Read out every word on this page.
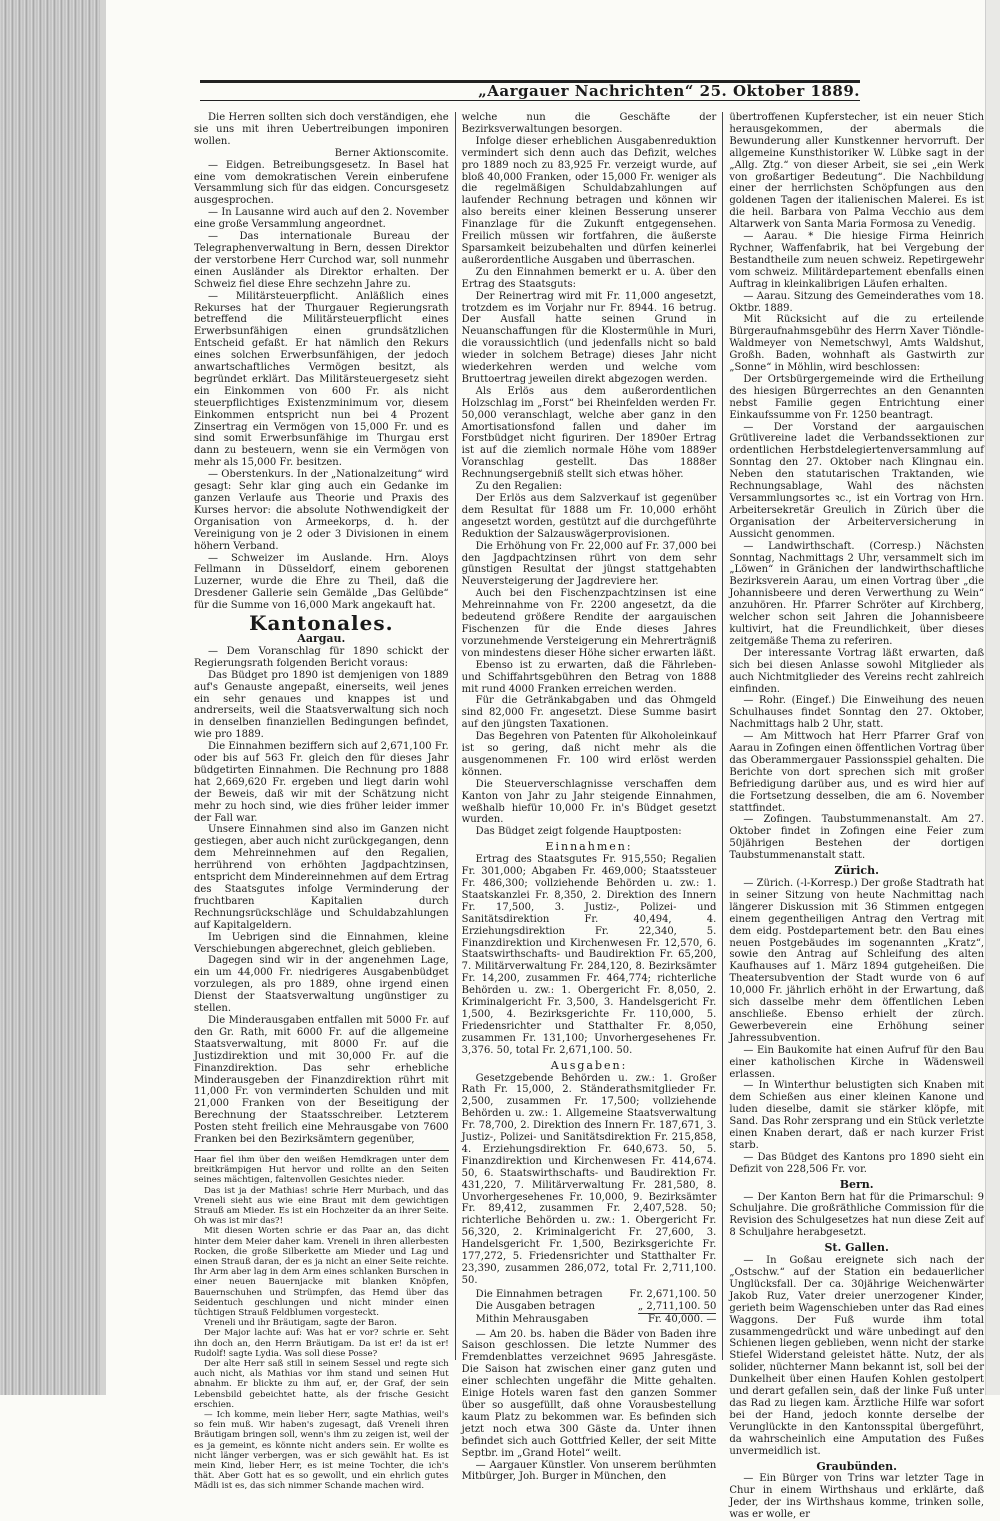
„Aargauer Nachrichten“ 25. Oktober 1889.

Die Herren sollten sich doch verständigen, ehe sie uns mit ihren Uebertreibungen imponiren wollen.

Berner Aktionscomite.

— Eidgen. Betreibungsgesetz. In Basel hat eine vom demokratischen Verein einberufene Versammlung sich für das eidgen. Concursgesetz ausgesprochen.

— In Lausanne wird auch auf den 2. November eine große Versammlung angeordnet.

— Das internationale Bureau der Telegraphenverwaltung in Bern, dessen Direktor der verstorbene Herr Curchod war, soll nunmehr einen Ausländer als Direktor erhalten. Der Schweiz fiel diese Ehre sechzehn Jahre zu.

— Militärsteuerpflicht. Anläßlich eines Rekurses hat der Thurgauer Regierungsrath betreffend die Militärsteuerpflicht eines Erwerbsunfähigen einen grundsätzlichen Entscheid gefaßt. Er hat nämlich den Rekurs eines solchen Erwerbsunfähigen, der jedoch anwartschaftliches Vermögen besitzt, als begründet erklärt. Das Militärsteuergesetz sieht ein Einkommen von 600 Fr. als nicht steuerpflichtiges Existenzminimum vor, diesem Einkommen entspricht nun bei 4 Prozent Zinsertrag ein Vermögen von 15,000 Fr. und es sind somit Erwerbsunfähige im Thurgau erst dann zu besteuern, wenn sie ein Vermögen von mehr als 15,000 Fr. besitzen.

— Oberstenkurs. In der „Nationalzeitung“ wird gesagt: Sehr klar ging auch ein Gedanke im ganzen Verlaufe aus Theorie und Praxis des Kurses hervor: die absolute Nothwendigkeit der Organisation von Armeekorps, d. h. der Vereinigung von je 2 oder 3 Divisionen in einem höhern Verband.

— Schweizer im Auslande. Hrn. Aloys Fellmann in Düsseldorf, einem geborenen Luzerner, wurde die Ehre zu Theil, daß die Dresdener Gallerie sein Gemälde „Das Gelübde“ für die Summe von 16,000 Mark angekauft hat.

Kantonales.
Aargau.

— Dem Voranschlag für 1890 schickt der Regierungsrath folgenden Bericht voraus:

Das Büdget pro 1890 ist demjenigen von 1889 auf's Genauste angepaßt, einerseits, weil jenes ein sehr genaues und knappes ist und andrerseits, weil die Staatsverwaltung sich noch in denselben finanziellen Bedingungen befindet, wie pro 1889.

Die Einnahmen beziffern sich auf 2,671,100 Fr. oder bis auf 563 Fr. gleich den für dieses Jahr büdgetirten Einnahmen. Die Rechnung pro 1888 hat 2,669,620 Fr. ergeben und liegt darin wohl der Beweis, daß wir mit der Schätzung nicht mehr zu hoch sind, wie dies früher leider immer der Fall war.

Unsere Einnahmen sind also im Ganzen nicht gestiegen, aber auch nicht zurückgegangen, denn dem Mehreinnehmen auf den Regalien, herrührend von erhöhten Jagdpachtzinsen, entspricht dem Mindereinnehmen auf dem Ertrag des Staatsgutes infolge Verminderung der fruchtbaren Kapitalien durch Rechnungsrückschläge und Schuldabzahlungen auf Kapitalgeldern.

Im Uebrigen sind die Einnahmen, kleine Verschiebungen abgerechnet, gleich geblieben.

Dagegen sind wir in der angenehmen Lage, ein um 44,000 Fr. niedrigeres Ausgabenbüdget vorzulegen, als pro 1889, ohne irgend einen Dienst der Staatsverwaltung ungünstiger zu stellen.

Die Minderausgaben entfallen mit 5000 Fr. auf den Gr. Rath, mit 6000 Fr. auf die allgemeine Staatsverwaltung, mit 8000 Fr. auf die Justizdirektion und mit 30,000 Fr. auf die Finanzdirektion. Das sehr erhebliche Minderausgeben der Finanzdirektion rührt mit 11,000 Fr. von verminderten Schulden und mit 21,000 Franken von der Beseitigung der Berechnung der Staatsschreiber. Letzterem Posten steht freilich eine Mehrausgabe von 7600 Franken bei den Bezirksämtern gegenüber,

Haar fiel ihm über den weißen Hemdkragen unter dem breitkrämpigen Hut hervor und rollte an den Seiten seines mächtigen, faltenvollen Gesichtes nieder.

Das ist ja der Mathias! schrie Herr Murbach, und das Vreneli sieht aus wie eine Braut mit dem gewichtigen Strauß am Mieder. Es ist ein Hochzeiter da an ihrer Seite. Oh was ist mir das?!

Mit diesen Worten schrie er das Paar an, das dicht hinter dem Meier daher kam. Vreneli in ihren allerbesten Rocken, die große Silberkette am Mieder und Lag und einen Strauß daran, der es ja nicht an einer Seite reichte. Ihr Arm aber lag in dem Arm eines schlanken Burschen in einer neuen Bauernjacke mit blanken Knöpfen, Bauernschuhen und Strümpfen, das Hemd über das Seidentuch geschlungen und nicht minder einen tüchtigen Strauß Feldblumen vorgesteckt.

Vreneli und ihr Bräutigam, sagte der Baron.

Der Major lachte auf: Was hat er vor? schrie er. Seht ihn doch an, den Herrn Bräutigam. Da ist er! da ist er! Rudolf! sagte Lydia. Was soll diese Posse?

Der alte Herr saß still in seinem Sessel und regte sich auch nicht, als Mathias vor ihm stand und seinen Hut abnahm. Er blickte zu ihm auf, er, der Graf, der sein Lebensbild gebeichtet hatte, als der frische Gesicht erschien.

— Ich komme, mein lieber Herr, sagte Mathias, weil's so fein muß. Wir haben's zugesagt, daß Vreneli ihren Bräutigam bringen soll, wenn's ihm zu zeigen ist, weil der es ja gemeint, es könnte nicht anders sein. Er wollte es nicht länger verbergen, was er sich gewählt hat. Es ist mein Kind, lieber Herr, es ist meine Tochter, die ich's thät. Aber Gott hat es so gewollt, und ein ehrlich gutes Mädli ist es, das sich nimmer Schande machen wird.

welche nun die Geschäfte der Bezirksverwaltungen besorgen.

Infolge dieser erheblichen Ausgabenreduktion vermindert sich denn auch das Defizit, welches pro 1889 noch zu 83,925 Fr. verzeigt wurde, auf bloß 40,000 Franken, oder 15,000 Fr. weniger als die regelmäßigen Schuldabzahlungen auf laufender Rechnung betragen und können wir also bereits einer kleinen Besserung unserer Finanzlage für die Zukunft entgegensehen. Freilich müssen wir fortfahren, die äußerste Sparsamkeit beizubehalten und dürfen keinerlei außerordentliche Ausgaben und überraschen.

Zu den Einnahmen bemerkt er u. A. über den Ertrag des Staatsguts:

Der Reinertrag wird mit Fr. 11,000 angesetzt, trotzdem es im Vorjahr nur Fr. 8944. 16 betrug. Der Ausfall hatte seinen Grund in Neuanschaffungen für die Klostermühle in Muri, die voraussichtlich (und jedenfalls nicht so bald wieder in solchem Betrage) dieses Jahr nicht wiederkehren werden und welche vom Bruttoertrag jeweilen direkt abgezogen werden.

Als Erlös aus dem außerordentlichen Holzschlag im „Forst“ bei Rheinfelden werden Fr. 50,000 veranschlagt, welche aber ganz in den Amortisationsfond fallen und daher im Forstbüdget nicht figuriren. Der 1890er Ertrag ist auf die ziemlich normale Höhe vom 1889er Voranschlag gestellt. Das 1888er Rechnungsergebniß stellt sich etwas höher.

Zu den Regalien:

Der Erlös aus dem Salzverkauf ist gegenüber dem Resultat für 1888 um Fr. 10,000 erhöht angesetzt worden, gestützt auf die durchgeführte Reduktion der Salzauswägerprovisionen.

Die Erhöhung von Fr. 22,000 auf Fr. 37,000 bei den Jagdpachtzinsen rührt von dem sehr günstigen Resultat der jüngst stattgehabten Neuversteigerung der Jagdreviere her.

Auch bei den Fischenzpachtzinsen ist eine Mehreinnahme von Fr. 2200 angesetzt, da die bedeutend größere Rendite der aargauischen Fischenzen für die Ende dieses Jahres vorzunehmende Versteigerung ein Mehrerträgniß von mindestens dieser Höhe sicher erwarten läßt.

Ebenso ist zu erwarten, daß die Fährleben- und Schiffahrtsgebühren den Betrag von 1888 mit rund 4000 Franken erreichen werden.

Für die Getränkabgaben und das Ohmgeld sind 82,000 Fr. angesetzt. Diese Summe basirt auf den jüngsten Taxationen.

Das Begehren von Patenten für Alkoholeinkauf ist so gering, daß nicht mehr als die ausgenommenen Fr. 100 wird erlöst werden können.

Die Steuerverschlagnisse verschaffen dem Kanton von Jahr zu Jahr steigende Einnahmen, weßhalb hiefür 10,000 Fr. in's Büdget gesetzt wurden.

Das Büdget zeigt folgende Hauptposten:

Einnahmen:

Ertrag des Staatsgutes Fr. 915,550; Regalien Fr. 301,000; Abgaben Fr. 469,000; Staatssteuer Fr. 486,300; vollziehende Behörden u. zw.: 1. Staatskanzlei Fr. 8,350, 2. Direktion des Innern Fr. 17,500, 3. Justiz-, Polizei- und Sanitätsdirektion Fr. 40,494, 4. Erziehungsdirektion Fr. 22,340, 5. Finanzdirektion und Kirchenwesen Fr. 12,570, 6. Staatswirthschafts- und Baudirektion Fr. 65,200, 7. Militärverwaltung Fr. 284,120, 8. Bezirksämter Fr. 14,200, zusammen Fr. 464,774; richterliche Behörden u. zw.: 1. Obergericht Fr. 8,050, 2. Kriminalgericht Fr. 3,500, 3. Handelsgericht Fr. 1,500, 4. Bezirksgerichte Fr. 110,000, 5. Friedensrichter und Statthalter Fr. 8,050, zusammen Fr. 131,100; Unvorhergesehenes Fr. 3,376. 50, total Fr. 2,671,100. 50.

Ausgaben:

Gesetzgebende Behörden u. zw.: 1. Großer Rath Fr. 15,000, 2. Ständerathsmitglieder Fr. 2,500, zusammen Fr. 17,500; vollziehende Behörden u. zw.: 1. Allgemeine Staatsverwaltung Fr. 78,700, 2. Direktion des Innern Fr. 187,671, 3. Justiz-, Polizei- und Sanitätsdirektion Fr. 215,858, 4. Erziehungsdirektion Fr. 640,673. 50, 5. Finanzdirektion und Kirchenwesen Fr. 414,674. 50, 6. Staatswirthschafts- und Baudirektion Fr. 431,220, 7. Militärverwaltung Fr. 281,580, 8. Unvorhergesehenes Fr. 10,000, 9. Bezirksämter Fr. 89,412, zusammen Fr. 2,407,528. 50; richterliche Behörden u. zw.: 1. Obergericht Fr. 56,320, 2. Kriminalgericht Fr. 27,600, 3. Handelsgericht Fr. 1,500, Bezirksgerichte Fr. 177,272, 5. Friedensrichter und Statthalter Fr. 23,390, zusammen 286,072, total Fr. 2,711,100. 50.

Die Einnahmen betragen	Fr. 2,671,100. 50
Die Ausgaben betragen	„ 2,711,100. 50
Mithin Mehrausgaben	Fr. 40,000. —

— Am 20. bs. haben die Bäder von Baden ihre Saison geschlossen. Die letzte Nummer des Fremdenblattes verzeichnet 9695 Jahresgäste. Die Saison hat zwischen einer ganz guten und einer schlechten ungefähr die Mitte gehalten. Einige Hotels waren fast den ganzen Sommer über so ausgefüllt, daß ohne Vorausbestellung kaum Platz zu bekommen war. Es befinden sich jetzt noch etwa 300 Gäste da. Unter ihnen befindet sich auch Gottfried Keller, der seit Mitte Septbr. im „Grand Hotel“ weilt.

— Aargauer Künstler. Von unserem berühmten Mitbürger, Joh. Burger in München, den

übertroffenen Kupferstecher, ist ein neuer Stich herausgekommen, der abermals die Bewunderung aller Kunstkenner hervorruft. Der allgemeine Kunsthistoriker W. Lübke sagt in der „Allg. Ztg.“ von dieser Arbeit, sie sei „ein Werk von großartiger Bedeutung“. Die Nachbildung einer der herrlichsten Schöpfungen aus den goldenen Tagen der italienischen Malerei. Es ist die heil. Barbara von Palma Vecchio aus dem Altarwerk von Santa Maria Formosa zu Venedig.

— Aarau. * Die hiesige Firma Heinrich Rychner, Waffenfabrik, hat bei Vergebung der Bestandtheile zum neuen schweiz. Repetirgewehr vom schweiz. Militärdepartement ebenfalls einen Auftrag in kleinkalibrigen Läufen erhalten.

— Aarau. Sitzung des Gemeinderathes vom 18. Oktbr. 1889.

Mit Rücksicht auf die zu erteilende Bürgeraufnahmsgebühr des Herrn Xaver Tiöndle-Waldmeyer von Nemetschwyl, Amts Waldshut, Großh. Baden, wohnhaft als Gastwirth zur „Sonne“ in Möhlin, wird beschlossen:

Der Ortsbürgergemeinde wird die Ertheilung des hiesigen Bürgerrechtes an den Genannten nebst Familie gegen Entrichtung einer Einkaufssumme von Fr. 1250 beantragt.

— Der Vorstand der aargauischen Grütlivereine ladet die Verbandssektionen zur ordentlichen Herbstdelegiertenversammlung auf Sonntag den 27. Oktober nach Klingnau ein. Neben den statutarischen Traktanden, wie Rechnungsablage, Wahl des nächsten Versammlungsortes ꝛc., ist ein Vortrag von Hrn. Arbeitersekretär Greulich in Zürich über die Organisation der Arbeiterversicherung in Aussicht genommen.

— Landwirthschaft. (Corresp.) Nächsten Sonntag, Nachmittags 2 Uhr, versammelt sich im „Löwen“ in Gränichen der landwirthschaftliche Bezirksverein Aarau, um einen Vortrag über „die Johannisbeere und deren Verwerthung zu Wein“ anzuhören. Hr. Pfarrer Schröter auf Kirchberg, welcher schon seit Jahren die Johannisbeere kultivirt, hat die Freundlichkeit, über dieses zeitgemäße Thema zu referiren.

Der interessante Vortrag läßt erwarten, daß sich bei diesen Anlasse sowohl Mitglieder als auch Nichtmitglieder des Vereins recht zahlreich einfinden.

— Rohr. (Eingef.) Die Einweihung des neuen Schulhauses findet Sonntag den 27. Oktober, Nachmittags halb 2 Uhr, statt.

— Am Mittwoch hat Herr Pfarrer Graf von Aarau in Zofingen einen öffentlichen Vortrag über das Oberammergauer Passionsspiel gehalten. Die Berichte von dort sprechen sich mit großer Befriedigung darüber aus, und es wird hier auf die Fortsetzung desselben, die am 6. November stattfindet.

— Zofingen. Taubstummenanstalt. Am 27. Oktober findet in Zofingen eine Feier zum 50jährigen Bestehen der dortigen Taubstummenanstalt statt.

Zürich.

— Zürich. (-l-Korresp.) Der große Stadtrath hat in seiner Sitzung von heute Nachmittag nach längerer Diskussion mit 36 Stimmen entgegen einem gegentheiligen Antrag den Vertrag mit dem eidg. Postdepartement betr. den Bau eines neuen Postgebäudes im sogenannten „Kratz“, sowie den Antrag auf Schleifung des alten Kaufhauses auf 1. März 1894 gutgeheißen. Die Theatersubvention der Stadt wurde von 6 auf 10,000 Fr. jährlich erhöht in der Erwartung, daß sich dasselbe mehr dem öffentlichen Leben anschließe. Ebenso erhielt der zürch. Gewerbeverein eine Erhöhung seiner Jahressubvention.

— Ein Baukomite hat einen Aufruf für den Bau einer katholischen Kirche in Wädensweil erlassen.

— In Winterthur belustigten sich Knaben mit dem Schießen aus einer kleinen Kanone und luden dieselbe, damit sie stärker klöpfe, mit Sand. Das Rohr zersprang und ein Stück verletzte einen Knaben derart, daß er nach kurzer Frist starb.

— Das Büdget des Kantons pro 1890 sieht ein Defizit von 228,506 Fr. vor.

Bern.

— Der Kanton Bern hat für die Primarschul: 9 Schuljahre. Die großräthliche Commission für die Revision des Schulgesetzes hat nun diese Zeit auf 8 Schuljahre herabgesetzt.

St. Gallen.

— In Goßau ereignete sich nach der „Ostschw.“ auf der Station ein bedauerlicher Unglücksfall. Der ca. 30jährige Weichenwärter Jakob Ruz, Vater dreier unerzogener Kinder, gerieth beim Wagenschieben unter das Rad eines Waggons. Der Fuß wurde ihm total zusammengedrückt und wäre unbedingt auf den Schienen liegen geblieben, wenn nicht der starke Stiefel Widerstand geleistet hätte. Nutz, der als solider, nüchterner Mann bekannt ist, soll bei der Dunkelheit über einen Haufen Kohlen gestolpert und derart gefallen sein, daß der linke Fuß unter das Rad zu liegen kam. Ärztliche Hilfe war sofort bei der Hand, jedoch konnte derselbe der Verunglückte in den Kantonsspital übergeführt, da wahrscheinlich eine Amputation des Fußes unvermeidlich ist.

Graubünden.

— Ein Bürger von Trins war letzter Tage in Chur in einem Wirthshaus und erklärte, daß Jeder, der ins Wirthshaus komme, trinken solle, was er wolle, er
